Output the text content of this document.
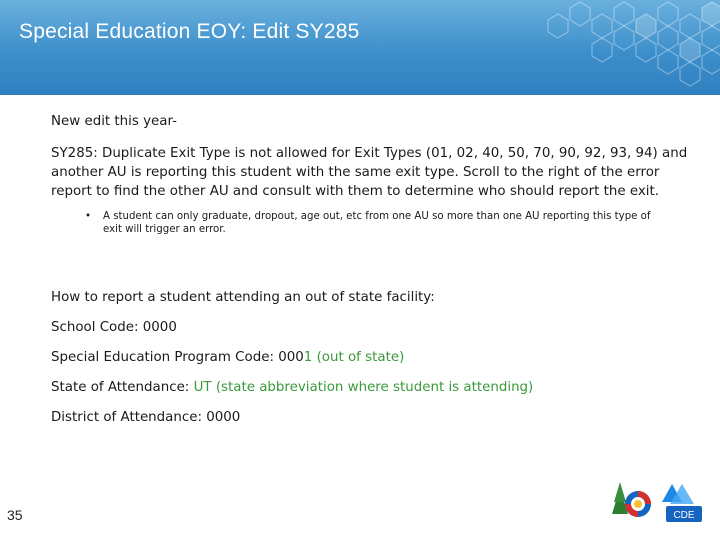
Special Education EOY: Edit SY285

New edit this year-

SY285: Duplicate Exit Type is not allowed for Exit Types (01, 02, 40, 50, 70, 90, 92, 93, 94) and another AU is reporting this student with the same exit type. Scroll to the right of the error report to find the other AU and consult with them to determine who should report the exit.

•	A student can only graduate, dropout, age out, etc from one AU so more than one AU reporting this type of exit will trigger an error.

How to report a student attending an out of state facility:

School Code: 0000

Special Education Program Code: 0001 (out of state)

State of Attendance: UT (state abbreviation where student is attending)

District of Attendance: 0000

35	CDE
